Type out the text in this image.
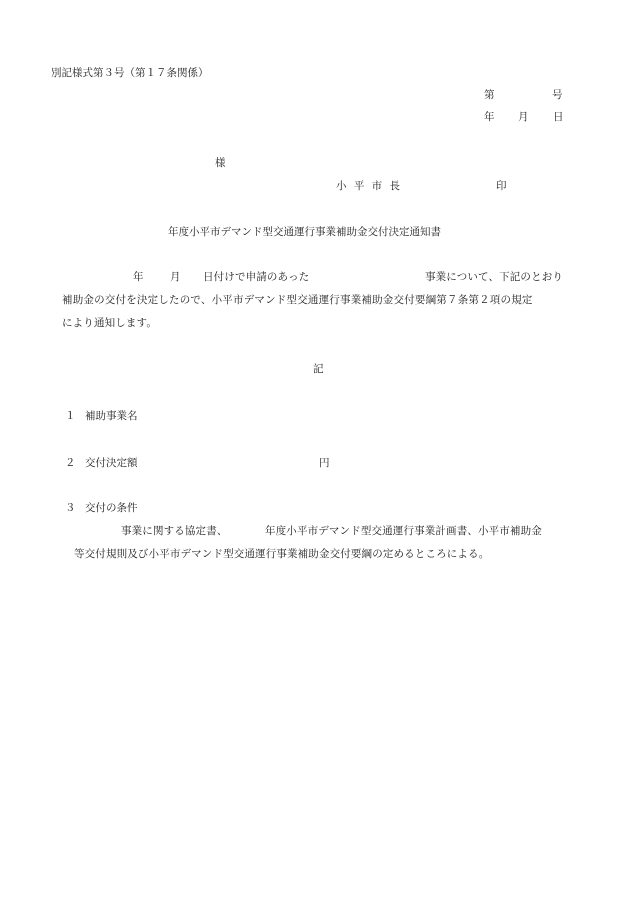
別記様式第３号（第１７条関係）
第	号
年 月 日
様
小 平 市 長	印
年度小平市デマンド型交通運行事業補助金交付決定通知書
年	月 日付けで申請のあった	事業について、下記のとおり
補助金の交付を決定したので、小平市デマンド型交通運行事業補助金交付要綱第７条第２項の規定
により通知します。
記
１ 補助事業名
２ 交付決定額	円
３ 交付の条件
事業に関する協定書、	年度小平市デマンド型交通運行事業計画書、小平市補助金
等交付規則及び小平市デマンド型交通運行事業補助金交付要綱の定めるところによる。
